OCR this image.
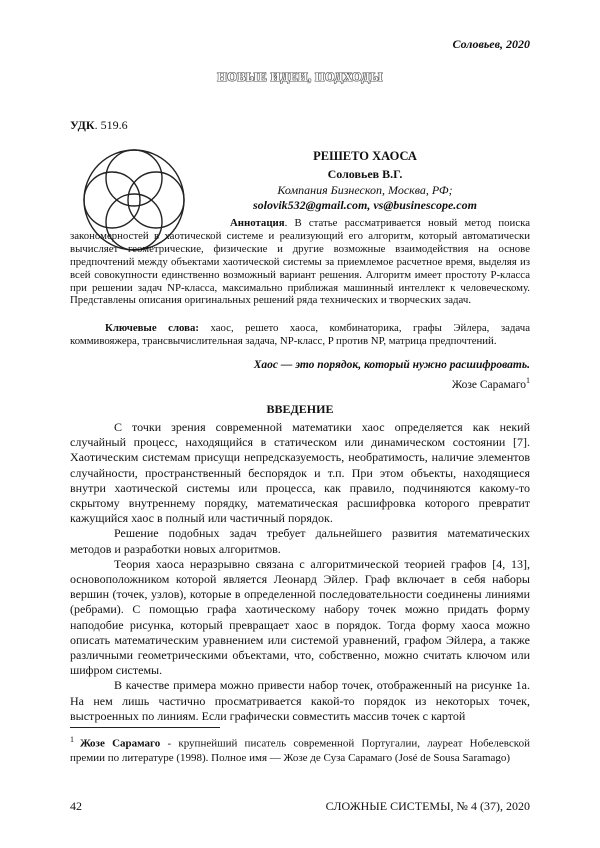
Соловьев, 2020
НОВЫЕ ИДЕИ, ПОДХОДЫ
УДК. 519.6
РЕШЕТО ХАОСА
Соловьев В.Г.
Компания Бизнескоп, Москва, РФ;
solovik532@gmail.com, vs@businescope.com
Аннотация. В статье рассматривается новый метод поиска закономерностей в хаотической системе и реализующий его алгоритм, который автоматически вычисляет геометрические, физические и другие возможные взаимодействия на основе предпочтений между объектами хаотической системы за приемлемое расчетное время, выделяя из всей совокупности единственно возможный вариант решения. Алгоритм имеет простоту P-класса при решении задач NP-класса, максимально приближая машинный интеллект к человеческому. Представлены описания оригинальных решений ряда технических и творческих задач.
Ключевые слова: хаос, решето хаоса, комбинаторика, графы Эйлера, задача коммивояжера, трансвычислительная задача, NP-класс, P против NP, матрица предпочтений.
Хаос — это порядок, который нужно расшифровать.
Жозе Сарамаго$^1$
ВВЕДЕНИЕ

С точки зрения современной математики хаос определяется как некий случайный процесс, находящийся в статическом или динамическом состоянии [7]. Хаотическим системам присущи непредсказуемость, необратимость, наличие элементов случайности, пространственный беспорядок и т.п. При этом объекты, находящиеся внутри хаотической системы или процесса, как правило, подчиняются какому-то скрытому внутреннему порядку, математическая расшифровка которого превратит кажущийся хаос в полный или частичный порядок.

Решение подобных задач требует дальнейшего развития математических методов и разработки новых алгоритмов.

Теория хаоса неразрывно связана с алгоритмической теорией графов [4, 13], основоположником которой является Леонард Эйлер. Граф включает в себя наборы вершин (точек, узлов), которые в определенной последовательности соединены линиями (ребрами). С помощью графа хаотическому набору точек можно придать форму наподобие рисунка, который превращает хаос в порядок. Тогда форму хаоса можно описать математическим уравнением или системой уравнений, графом Эйлера, а также различными геометрическими объектами, что, собственно, можно считать ключом или шифром системы.

В качестве примера можно привести набор точек, отображенный на рисунке 1а. На нем лишь частично просматривается какой-то порядок из некоторых точек, выстроенных по линиям. Если графически совместить массив точек с картой

$^1$ Жозе Сарамаго - крупнейший писатель современной Португалии, лауреат Нобелевской премии по литературе (1998). Полное имя — Жозе де Суза Сарамаго (José de Sousa Saramago)
42	СЛОЖНЫЕ СИСТЕМЫ, № 4 (37), 2020
